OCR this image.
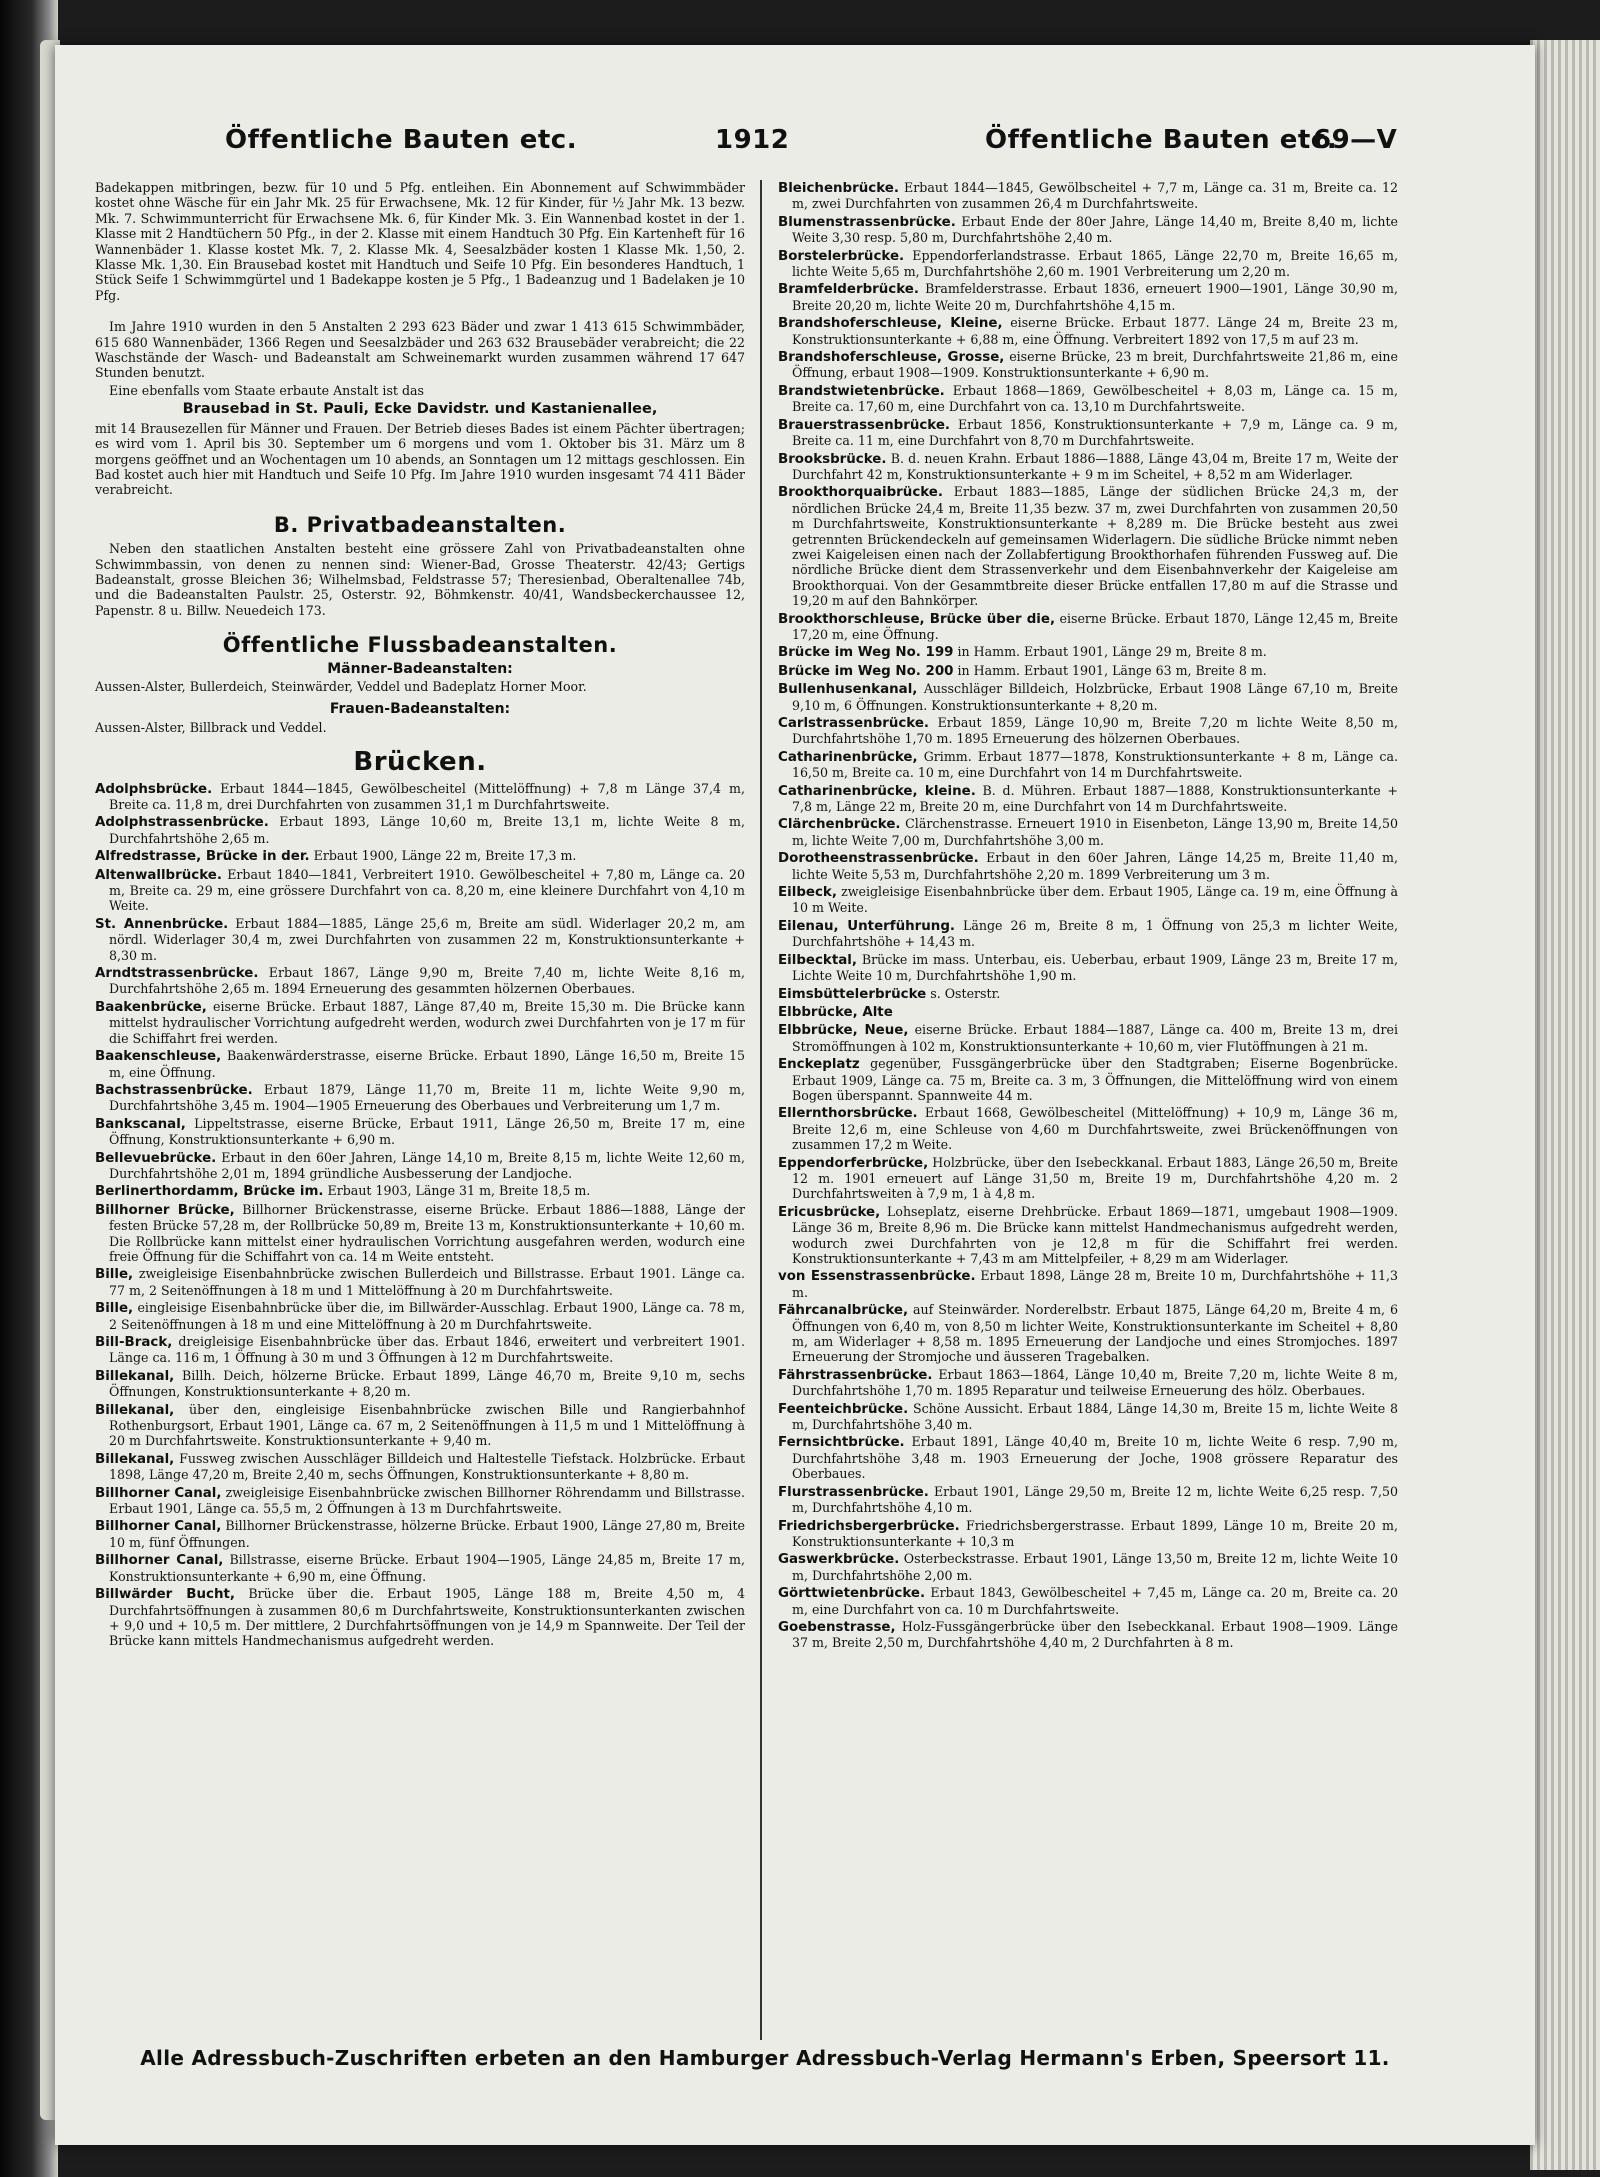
Öffentliche Bauten etc.	1912	Öffentliche Bauten etc.
69—V

Badekappen mitbringen, bezw. für 10 und 5 Pfg. entleihen. Ein Abonnement auf Schwimmbäder kostet ohne Wäsche für ein Jahr Mk. 25 für Erwachsene, Mk. 12 für Kinder, für ½ Jahr Mk. 13 bezw. Mk. 7. Schwimmunterricht für Erwachsene Mk. 6, für Kinder Mk. 3. Ein Wannenbad kostet in der 1. Klasse mit 2 Handtüchern 50 Pfg., in der 2. Klasse mit einem Handtuch 30 Pfg. Ein Kartenheft für 16 Wannenbäder 1. Klasse kostet Mk. 7, 2. Klasse Mk. 4, Seesalzbäder kosten 1 Klasse Mk. 1,50, 2. Klasse Mk. 1,30. Ein Brausebad kostet mit Handtuch und Seife 10 Pfg. Ein besonderes Handtuch, 1 Stück Seife 1 Schwimmgürtel und 1 Badekappe kosten je 5 Pfg., 1 Badeanzug und 1 Badelaken je 10 Pfg.

Im Jahre 1910 wurden in den 5 Anstalten 2 293 623 Bäder und zwar 1 413 615 Schwimmbäder, 615 680 Wannenbäder, 1366 Regen und Seesalzbäder und 263 632 Brausebäder verabreicht; die 22 Waschstände der Wasch- und Badeanstalt am Schweinemarkt wurden zusammen während 17 647 Stunden benutzt.

Eine ebenfalls vom Staate erbaute Anstalt ist das

Brausebad in St. Pauli, Ecke Davidstr. und Kastanienallee,

mit 14 Brausezellen für Männer und Frauen. Der Betrieb dieses Bades ist einem Pächter übertragen; es wird vom 1. April bis 30. September um 6 morgens und vom 1. Oktober bis 31. März um 8 morgens geöffnet und an Wochentagen um 10 abends, an Sonntagen um 12 mittags geschlossen. Ein Bad kostet auch hier mit Handtuch und Seife 10 Pfg. Im Jahre 1910 wurden insgesamt 74 411 Bäder verabreicht.

B. Privatbadeanstalten.

Neben den staatlichen Anstalten besteht eine grössere Zahl von Privatbadeanstalten ohne Schwimmbassin, von denen zu nennen sind: Wiener-Bad, Grosse Theaterstr. 42/43; Gertigs Badeanstalt, grosse Bleichen 36; Wilhelmsbad, Feldstrasse 57; Theresienbad, Oberaltenallee 74b, und die Badeanstalten Paulstr. 25, Osterstr. 92, Böhmkenstr. 40/41, Wandsbeckerchaussee 12, Papenstr. 8 u. Billw. Neuedeich 173.

Öffentliche Flussbadeanstalten.
Männer-Badeanstalten:

Aussen-Alster, Bullerdeich, Steinwärder, Veddel und Badeplatz Horner Moor.

Frauen-Badeanstalten:

Aussen-Alster, Billbrack und Veddel.

Brücken.

Adolphsbrücke. Erbaut 1844—1845, Gewölbescheitel (Mittelöffnung) + 7,8 m Länge 37,4 m, Breite ca. 11,8 m, drei Durchfahrten von zusammen 31,1 m Durchfahrtsweite.

Adolphstrassenbrücke. Erbaut 1893, Länge 10,60 m, Breite 13,1 m, lichte Weite 8 m, Durchfahrtshöhe 2,65 m.

Alfredstrasse, Brücke in der. Erbaut 1900, Länge 22 m, Breite 17,3 m.

Altenwallbrücke. Erbaut 1840—1841, Verbreitert 1910. Gewölbescheitel + 7,80 m, Länge ca. 20 m, Breite ca. 29 m, eine grössere Durchfahrt von ca. 8,20 m, eine kleinere Durchfahrt von 4,10 m Weite.

St. Annenbrücke. Erbaut 1884—1885, Länge 25,6 m, Breite am südl. Widerlager 20,2 m, am nördl. Widerlager 30,4 m, zwei Durchfahrten von zusammen 22 m, Konstruktionsunterkante + 8,30 m.

Arndtstrassenbrücke. Erbaut 1867, Länge 9,90 m, Breite 7,40 m, lichte Weite 8,16 m, Durchfahrtshöhe 2,65 m. 1894 Erneuerung des gesammten hölzernen Oberbaues.

Baakenbrücke, eiserne Brücke. Erbaut 1887, Länge 87,40 m, Breite 15,30 m. Die Brücke kann mittelst hydraulischer Vorrichtung aufgedreht werden, wodurch zwei Durchfahrten von je 17 m für die Schiffahrt frei werden.

Baakenschleuse, Baakenwärderstrasse, eiserne Brücke. Erbaut 1890, Länge 16,50 m, Breite 15 m, eine Öffnung.

Bachstrassenbrücke. Erbaut 1879, Länge 11,70 m, Breite 11 m, lichte Weite 9,90 m, Durchfahrtshöhe 3,45 m. 1904—1905 Erneuerung des Oberbaues und Verbreiterung um 1,7 m.

Bankscanal, Lippeltstrasse, eiserne Brücke, Erbaut 1911, Länge 26,50 m, Breite 17 m, eine Öffnung, Konstruktionsunterkante + 6,90 m.

Bellevuebrücke. Erbaut in den 60er Jahren, Länge 14,10 m, Breite 8,15 m, lichte Weite 12,60 m, Durchfahrtshöhe 2,01 m, 1894 gründliche Ausbesserung der Landjoche.

Berlinerthordamm, Brücke im. Erbaut 1903, Länge 31 m, Breite 18,5 m.

Billhorner Brücke, Billhorner Brückenstrasse, eiserne Brücke. Erbaut 1886—1888, Länge der festen Brücke 57,28 m, der Rollbrücke 50,89 m, Breite 13 m, Konstruktionsunterkante + 10,60 m. Die Rollbrücke kann mittelst einer hydraulischen Vorrichtung ausgefahren werden, wodurch eine freie Öffnung für die Schiffahrt von ca. 14 m Weite entsteht.

Bille, zweigleisige Eisenbahnbrücke zwischen Bullerdeich und Billstrasse. Erbaut 1901. Länge ca. 77 m, 2 Seitenöffnungen à 18 m und 1 Mittelöffnung à 20 m Durchfahrtsweite.

Bille, eingleisige Eisenbahnbrücke über die, im Billwärder-Ausschlag. Erbaut 1900, Länge ca. 78 m, 2 Seitenöffnungen à 18 m und eine Mittelöffnung à 20 m Durchfahrtsweite.

Bill-Brack, dreigleisige Eisenbahnbrücke über das. Erbaut 1846, erweitert und verbreitert 1901. Länge ca. 116 m, 1 Öffnung à 30 m und 3 Öffnungen à 12 m Durchfahrtsweite.

Billekanal, Billh. Deich, hölzerne Brücke. Erbaut 1899, Länge 46,70 m, Breite 9,10 m, sechs Öffnungen, Konstruktionsunterkante + 8,20 m.

Billekanal, über den, eingleisige Eisenbahnbrücke zwischen Bille und Rangierbahnhof Rothenburgsort, Erbaut 1901, Länge ca. 67 m, 2 Seitenöffnungen à 11,5 m und 1 Mittelöffnung à 20 m Durchfahrtsweite. Konstruktionsunterkante + 9,40 m.

Billekanal, Fussweg zwischen Ausschläger Billdeich und Haltestelle Tiefstack. Holzbrücke. Erbaut 1898, Länge 47,20 m, Breite 2,40 m, sechs Öffnungen, Konstruktionsunterkante + 8,80 m.

Billhorner Canal, zweigleisige Eisenbahnbrücke zwischen Billhorner Röhrendamm und Billstrasse. Erbaut 1901, Länge ca. 55,5 m, 2 Öffnungen à 13 m Durchfahrtsweite.

Billhorner Canal, Billhorner Brückenstrasse, hölzerne Brücke. Erbaut 1900, Länge 27,80 m, Breite 10 m, fünf Öffnungen.

Billhorner Canal, Billstrasse, eiserne Brücke. Erbaut 1904—1905, Länge 24,85 m, Breite 17 m, Konstruktionsunterkante + 6,90 m, eine Öffnung.

Billwärder Bucht, Brücke über die. Erbaut 1905, Länge 188 m, Breite 4,50 m, 4 Durchfahrtsöffnungen à zusammen 80,6 m Durchfahrtsweite, Konstruktionsunterkanten zwischen + 9,0 und + 10,5 m. Der mittlere, 2 Durchfahrtsöffnungen von je 14,9 m Spannweite. Der Teil der Brücke kann mittels Handmechanismus aufgedreht werden.

Bleichenbrücke. Erbaut 1844—1845, Gewölbscheitel + 7,7 m, Länge ca. 31 m, Breite ca. 12 m, zwei Durchfahrten von zusammen 26,4 m Durchfahrtsweite.

Blumenstrassenbrücke. Erbaut Ende der 80er Jahre, Länge 14,40 m, Breite 8,40 m, lichte Weite 3,30 resp. 5,80 m, Durchfahrtshöhe 2,40 m.

Borstelerbrücke. Eppendorferlandstrasse. Erbaut 1865, Länge 22,70 m, Breite 16,65 m, lichte Weite 5,65 m, Durchfahrtshöhe 2,60 m. 1901 Verbreiterung um 2,20 m.

Bramfelderbrücke. Bramfelderstrasse. Erbaut 1836, erneuert 1900—1901, Länge 30,90 m, Breite 20,20 m, lichte Weite 20 m, Durchfahrtshöhe 4,15 m.

Brandshoferschleuse, Kleine, eiserne Brücke. Erbaut 1877. Länge 24 m, Breite 23 m, Konstruktionsunterkante + 6,88 m, eine Öffnung. Verbreitert 1892 von 17,5 m auf 23 m.

Brandshoferschleuse, Grosse, eiserne Brücke, 23 m breit, Durchfahrtsweite 21,86 m, eine Öffnung, erbaut 1908—1909. Konstruktionsunterkante + 6,90 m.

Brandstwietenbrücke. Erbaut 1868—1869, Gewölbescheitel + 8,03 m, Länge ca. 15 m, Breite ca. 17,60 m, eine Durchfahrt von ca. 13,10 m Durchfahrtsweite.

Brauerstrassenbrücke. Erbaut 1856, Konstruktionsunterkante + 7,9 m, Länge ca. 9 m, Breite ca. 11 m, eine Durchfahrt von 8,70 m Durchfahrtsweite.

Brooksbrücke. B. d. neuen Krahn. Erbaut 1886—1888, Länge 43,04 m, Breite 17 m, Weite der Durchfahrt 42 m, Konstruktionsunterkante + 9 m im Scheitel, + 8,52 m am Widerlager.

Brookthorquaibrücke. Erbaut 1883—1885, Länge der südlichen Brücke 24,3 m, der nördlichen Brücke 24,4 m, Breite 11,35 bezw. 37 m, zwei Durchfahrten von zusammen 20,50 m Durchfahrtsweite, Konstruktionsunterkante + 8,289 m. Die Brücke besteht aus zwei getrennten Brückendeckeln auf gemeinsamen Widerlagern. Die südliche Brücke nimmt neben zwei Kaigeleisen einen nach der Zollabfertigung Brookthorhafen führenden Fussweg auf. Die nördliche Brücke dient dem Strassenverkehr und dem Eisenbahnverkehr der Kaigeleise am Brookthorquai. Von der Gesammtbreite dieser Brücke entfallen 17,80 m auf die Strasse und 19,20 m auf den Bahnkörper.

Brookthorschleuse, Brücke über die, eiserne Brücke. Erbaut 1870, Länge 12,45 m, Breite 17,20 m, eine Öffnung.

Brücke im Weg No. 199 in Hamm. Erbaut 1901, Länge 29 m, Breite 8 m.

Brücke im Weg No. 200 in Hamm. Erbaut 1901, Länge 63 m, Breite 8 m.

Bullenhusenkanal, Ausschläger Billdeich, Holzbrücke, Erbaut 1908 Länge 67,10 m, Breite 9,10 m, 6 Öffnungen. Konstruktionsunterkante + 8,20 m.

Carlstrassenbrücke. Erbaut 1859, Länge 10,90 m, Breite 7,20 m lichte Weite 8,50 m, Durchfahrtshöhe 1,70 m. 1895 Erneuerung des hölzernen Oberbaues.

Catharinenbrücke, Grimm. Erbaut 1877—1878, Konstruktionsunterkante + 8 m, Länge ca. 16,50 m, Breite ca. 10 m, eine Durchfahrt von 14 m Durchfahrtsweite.

Catharinenbrücke, kleine. B. d. Mühren. Erbaut 1887—1888, Konstruktionsunterkante + 7,8 m, Länge 22 m, Breite 20 m, eine Durchfahrt von 14 m Durchfahrtsweite.

Clärchenbrücke. Clärchenstrasse. Erneuert 1910 in Eisenbeton, Länge 13,90 m, Breite 14,50 m, lichte Weite 7,00 m, Durchfahrtshöhe 3,00 m.

Dorotheenstrassenbrücke. Erbaut in den 60er Jahren, Länge 14,25 m, Breite 11,40 m, lichte Weite 5,53 m, Durchfahrtshöhe 2,20 m. 1899 Verbreiterung um 3 m.

Eilbeck, zweigleisige Eisenbahnbrücke über dem. Erbaut 1905, Länge ca. 19 m, eine Öffnung à 10 m Weite.

Eilenau, Unterführung. Länge 26 m, Breite 8 m, 1 Öffnung von 25,3 m lichter Weite, Durchfahrtshöhe + 14,43 m.

Eilbecktal, Brücke im mass. Unterbau, eis. Ueberbau, erbaut 1909, Länge 23 m, Breite 17 m, Lichte Weite 10 m, Durchfahrtshöhe 1,90 m.

Eimsbüttelerbrücke s. Osterstr.

Elbbrücke, Alte

Elbbrücke, Neue, eiserne Brücke. Erbaut 1884—1887, Länge ca. 400 m, Breite 13 m, drei Stromöffnungen à 102 m, Konstruktionsunterkante + 10,60 m, vier Flutöffnungen à 21 m.

Enckeplatz gegenüber, Fussgängerbrücke über den Stadtgraben; Eiserne Bogenbrücke. Erbaut 1909, Länge ca. 75 m, Breite ca. 3 m, 3 Öffnungen, die Mittelöffnung wird von einem Bogen überspannt. Spannweite 44 m.

Ellernthorsbrücke. Erbaut 1668, Gewölbescheitel (Mittelöffnung) + 10,9 m, Länge 36 m, Breite 12,6 m, eine Schleuse von 4,60 m Durchfahrtsweite, zwei Brückenöffnungen von zusammen 17,2 m Weite.

Eppendorferbrücke, Holzbrücke, über den Isebeckkanal. Erbaut 1883, Länge 26,50 m, Breite 12 m. 1901 erneuert auf Länge 31,50 m, Breite 19 m, Durchfahrtshöhe 4,20 m. 2 Durchfahrtsweiten à 7,9 m, 1 à 4,8 m.

Ericusbrücke, Lohseplatz, eiserne Drehbrücke. Erbaut 1869—1871, umgebaut 1908—1909. Länge 36 m, Breite 8,96 m. Die Brücke kann mittelst Handmechanismus aufgedreht werden, wodurch zwei Durchfahrten von je 12,8 m für die Schiffahrt frei werden. Konstruktionsunterkante + 7,43 m am Mittelpfeiler, + 8,29 m am Widerlager.

von Essenstrassenbrücke. Erbaut 1898, Länge 28 m, Breite 10 m, Durchfahrtshöhe + 11,3 m.

Fährcanalbrücke, auf Steinwärder. Norderelbstr. Erbaut 1875, Länge 64,20 m, Breite 4 m, 6 Öffnungen von 6,40 m, von 8,50 m lichter Weite, Konstruktionsunterkante im Scheitel + 8,80 m, am Widerlager + 8,58 m. 1895 Erneuerung der Landjoche und eines Stromjoches. 1897 Erneuerung der Stromjoche und äusseren Tragebalken.

Fährstrassenbrücke. Erbaut 1863—1864, Länge 10,40 m, Breite 7,20 m, lichte Weite 8 m, Durchfahrtshöhe 1,70 m. 1895 Reparatur und teilweise Erneuerung des hölz. Oberbaues.

Feenteichbrücke. Schöne Aussicht. Erbaut 1884, Länge 14,30 m, Breite 15 m, lichte Weite 8 m, Durchfahrtshöhe 3,40 m.

Fernsichtbrücke. Erbaut 1891, Länge 40,40 m, Breite 10 m, lichte Weite 6 resp. 7,90 m, Durchfahrtshöhe 3,48 m. 1903 Erneuerung der Joche, 1908 grössere Reparatur des Oberbaues.

Flurstrassenbrücke. Erbaut 1901, Länge 29,50 m, Breite 12 m, lichte Weite 6,25 resp. 7,50 m, Durchfahrtshöhe 4,10 m.

Friedrichsbergerbrücke. Friedrichsbergerstrasse. Erbaut 1899, Länge 10 m, Breite 20 m, Konstruktionsunterkante + 10,3 m

Gaswerkbrücke. Osterbeckstrasse. Erbaut 1901, Länge 13,50 m, Breite 12 m, lichte Weite 10 m, Durchfahrtshöhe 2,00 m.

Görttwietenbrücke. Erbaut 1843, Gewölbescheitel + 7,45 m, Länge ca. 20 m, Breite ca. 20 m, eine Durchfahrt von ca. 10 m Durchfahrtsweite.

Goebenstrasse, Holz-Fussgängerbrücke über den Isebeckkanal. Erbaut 1908—1909. Länge 37 m, Breite 2,50 m, Durchfahrtshöhe 4,40 m, 2 Durchfahrten à 8 m.

Alle Adressbuch-Zuschriften erbeten an den Hamburger Adressbuch-Verlag Hermann's Erben, Speersort 11.
